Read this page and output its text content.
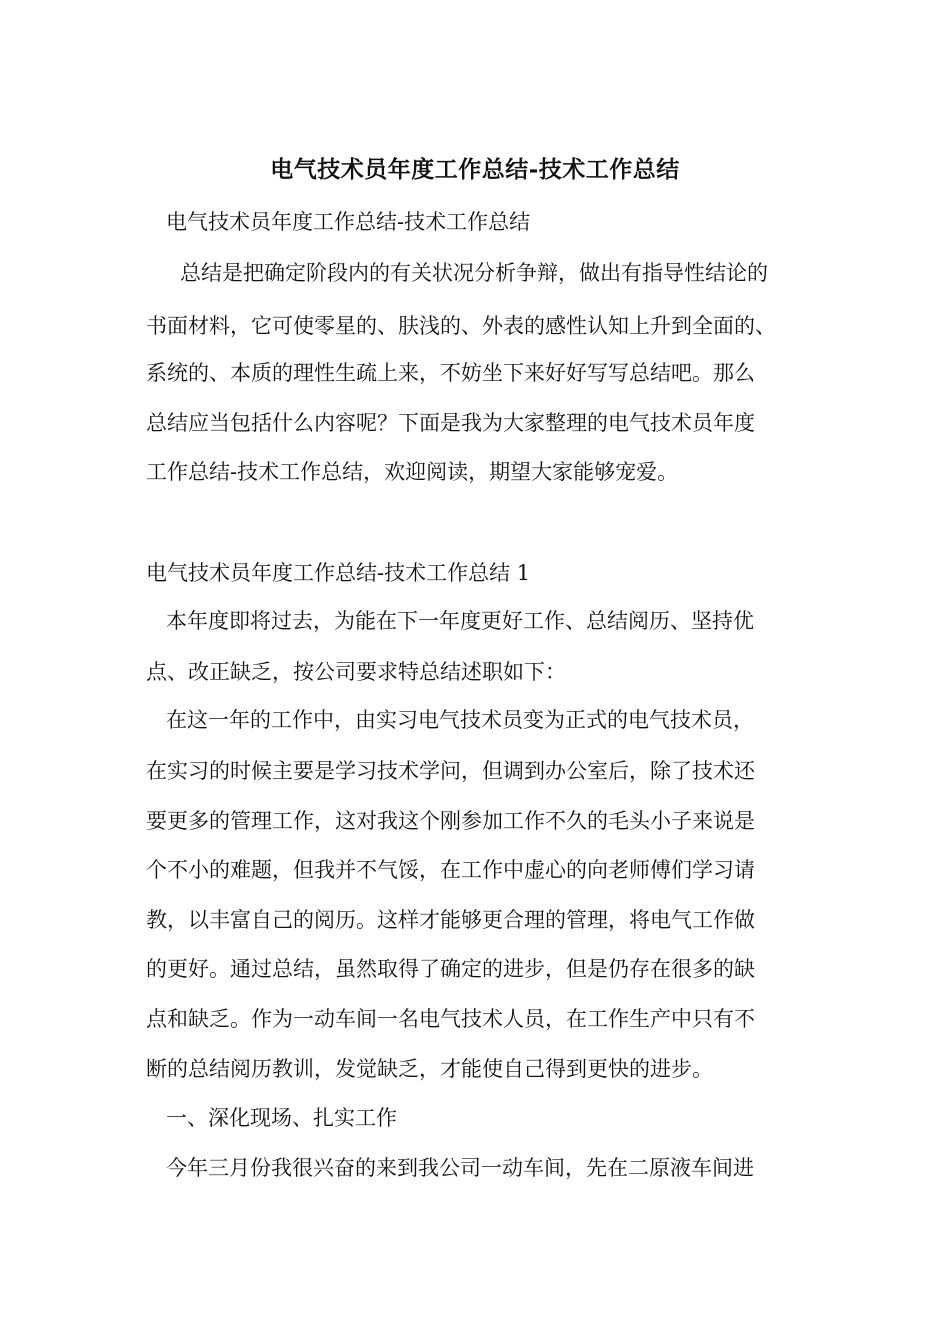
电气技术员年度工作总结-技术工作总结

电气技术员年度工作总结-技术工作总结

总结是把确定阶段内的有关状况分析争辩，做出有指导性结论的

书面材料，它可使零星的、肤浅的、外表的感性认知上升到全面的、

系统的、本质的理性生疏上来，不妨坐下来好好写写总结吧。那么

总结应当包括什么内容呢？下面是我为大家整理的电气技术员年度

工作总结-技术工作总结，欢迎阅读，期望大家能够宠爱。

电气技术员年度工作总结-技术工作总结 1

本年度即将过去，为能在下一年度更好工作、总结阅历、坚持优

点、改正缺乏，按公司要求特总结述职如下：

在这一年的工作中，由实习电气技术员变为正式的电气技术员，

在实习的时候主要是学习技术学问，但调到办公室后，除了技术还

要更多的管理工作，这对我这个刚参加工作不久的毛头小子来说是

个不小的难题，但我并不气馁，在工作中虚心的向老师傅们学习请

教，以丰富自己的阅历。这样才能够更合理的管理，将电气工作做

的更好。通过总结，虽然取得了确定的进步，但是仍存在很多的缺

点和缺乏。作为一动车间一名电气技术人员，在工作生产中只有不

断的总结阅历教训，发觉缺乏，才能使自己得到更快的进步。

一、深化现场、扎实工作

今年三月份我很兴奋的来到我公司一动车间，先在二原液车间进
